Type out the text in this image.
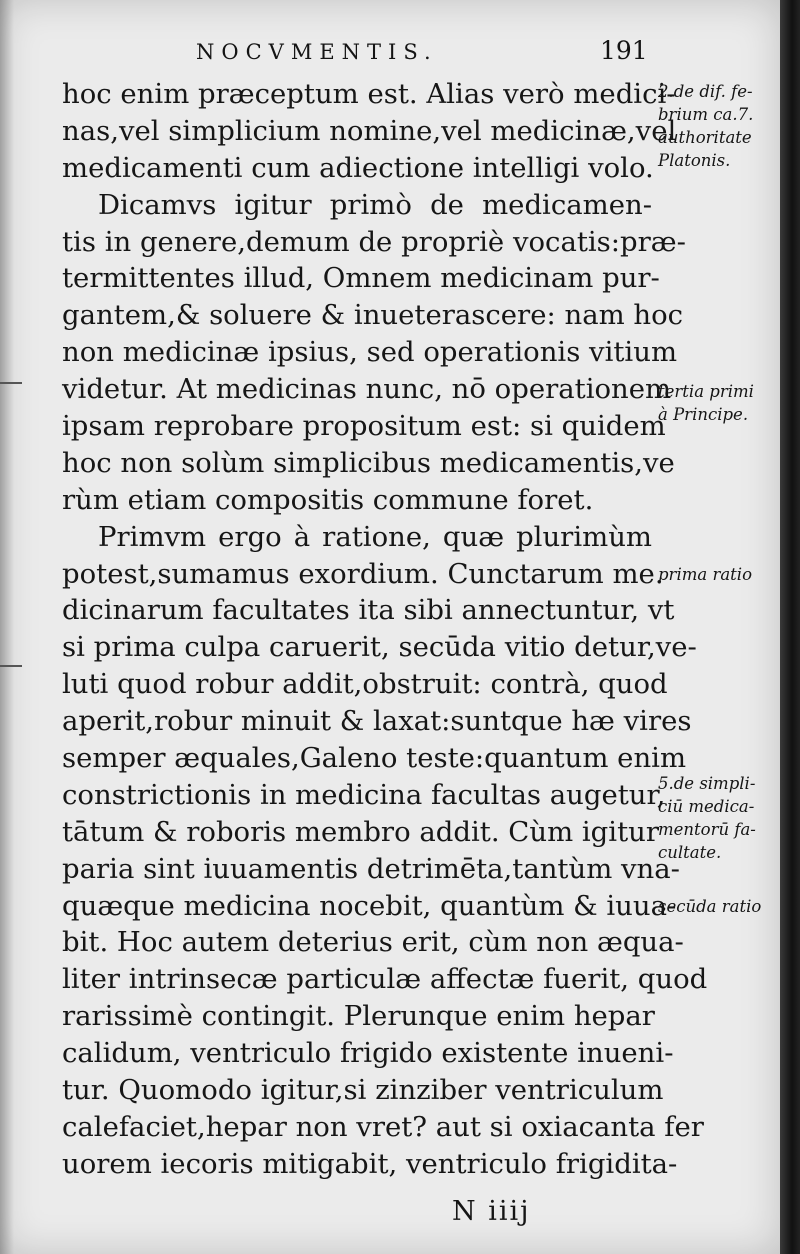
NOCVMENTIS.	191
hoc enim præceptum est. Alias verò medici-
nas,vel simplicium nomine,vel medicinæ,vel
medicamenti cum adiectione intelligi volo.
Dicamvs igitur primò de medicamen-
tis in genere,demum de propriè vocatis:præ-
termittentes illud, Omnem medicinam pur-
gantem,& soluere & inueterascere: nam hoc
non medicinæ ipsius, sed operationis vitium
videtur. At medicinas nunc, nō operationem
ipsam reprobare propositum est: si quidem
hoc non solùm simplicibus medicamentis,ve
rùm etiam compositis commune foret.
Primvm ergo à ratione, quæ plurimùm
potest,sumamus exordium. Cunctarum me.
dicinarum facultates ita sibi annectuntur, vt
si prima culpa caruerit, secūda vitio detur,ve-
luti quod robur addit,obstruit: contrà, quod
aperit,robur minuit & laxat:suntque hæ vires
semper æquales,Galeno teste:quantum enim
constrictionis in medicina facultas augetur,
tātum & roboris membro addit. Cùm igitur
paria sint iuuamentis detrimēta,tantùm vna-
quæque medicina nocebit, quantùm & iuua-
bit. Hoc autem deterius erit, cùm non æqua-
liter intrinsecæ particulæ affectæ fuerit, quod
rarissimè contingit. Plerunque enim hepar
calidum, ventriculo frigido existente inueni-
tur. Quomodo igitur,si zinziber ventriculum
calefaciet,hepar non vret? aut si oxiacanta fer
uorem iecoris mitigabit, ventriculo frigidita-
2.de dif. fe-
brium ca.7.
authoritate
Platonis.
tertia primi
à Principe.
prima ratio
5.de simpli-
ciū medica-
mentorū fa-
cultate.
secūda ratio
N iiij
